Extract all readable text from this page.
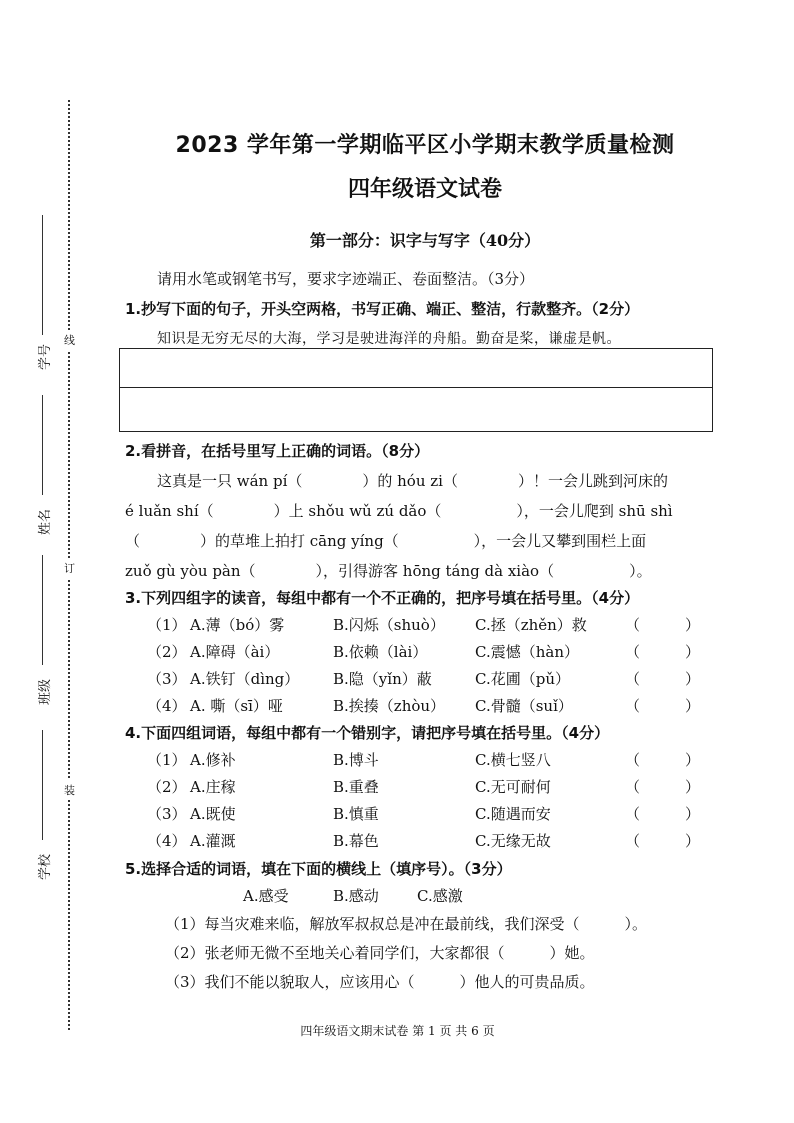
线
订
装
学号
姓名
班级
学校
2023 学年第一学期临平区小学期末教学质量检测
四年级语文试卷
第一部分：识字与写字（40分）
请用水笔或钢笔书写，要求字迹端正、卷面整洁。（3分）
1.抄写下面的句子，开头空两格，书写正确、端正、整洁，行款整齐。（2分）
知识是无穷无尽的大海，学习是驶进海洋的舟船。勤奋是桨，谦虚是帆。
2.看拼音，在括号里写上正确的词语。（8分）
这真是一只 wán pí（　　　　）的 hóu zi（　　　　）！一会儿跳到河床的
é luǎn shí（　　　　）上 shǒu wǔ zú dǎo（　　　　　），一会儿爬到 shū shì
（　　　　）的草堆上拍打 cāng yíng（　　　　　），一会儿又攀到围栏上面
zuǒ gù yòu pàn（　　　　），引得游客 hōng táng dà xiào（　　　　　）。
3.下列四组字的读音，每组中都有一个不正确的，把序号填在括号里。（4分）
（1） A.薄（bó）雾	B.闪烁（shuò） C.拯（zhěn）救	（　　　）
（2） A.障碍（ài）	B.依赖（lài）	C.震憾（hàn）	（　　　）
（3） A.铁钉（dìng） B.隐（yǐn）蔽	C.花圃（pǔ）	（　　　）
（4） A. 嘶（sī）哑	B.挨揍（zhòu） C.骨髓（suǐ）	（　　　）
4.下面四组词语，每组中都有一个错别字，请把序号填在括号里。（4分）
（1） A.修补	B.博斗	C.横七竖八	（　　　）
（2） A.庄稼	B.重叠	C.无可耐何	（　　　）
（3） A.既使	B.慎重	C.随遇而安	（　　　）
（4） A.灌溉	B.幕色	C.无缘无故	（　　　）
5.选择合适的词语，填在下面的横线上（填序号）。（3分）
A.感受	B.感动	C.感激
（1）每当灾难来临，解放军叔叔总是冲在最前线，我们深受（　　　）。
（2）张老师无微不至地关心着同学们，大家都很（　　　）她。
（3）我们不能以貌取人，应该用心（　　　）他人的可贵品质。
四年级语文期末试卷 第 1 页 共 6 页
